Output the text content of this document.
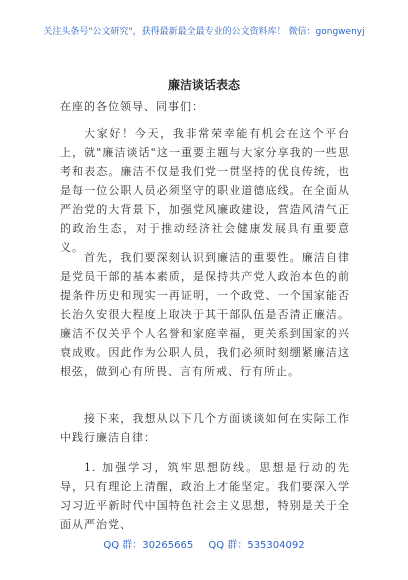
关注头条号"公文研究"，获得最新最全最专业的公文资料库！ 微信：gongwenyj
廉洁谈话表态
在座的各位领导、同事们：
大家好！今天，我非常荣幸能有机会在这个平台上，就"廉洁谈话"这一重要主题与大家分享我的一些思考和表态。廉洁不仅是我们党一贯坚持的优良传统，也是每一位公职人员必须坚守的职业道德底线。在全面从严治党的大背景下，加强党风廉政建设，营造风清气正的政治生态，对于推动经济社会健康发展具有重要意义。
首先，我们要深刻认识到廉洁的重要性。廉洁自律是党员干部的基本素质，是保持共产党人政治本色的前提条件历史和现实一再证明，一个政党、一个国家能否长治久安很大程度上取决于其干部队伍是否清正廉洁。廉洁不仅关乎个人名誉和家庭幸福，更关系到国家的兴衰成败。因此作为公职人员，我们必须时刻绷紧廉洁这根弦，做到心有所畏、言有所戒、行有所止。
接下来，我想从以下几个方面谈谈如何在实际工作中践行廉洁自律：
1. 加强学习，筑牢思想防线。思想是行动的先导，只有理论上清醒，政治上才能坚定。我们要深入学习习近平新时代中国特色社会主义思想，特别是关于全面从严治党、
QQ 群：30265665 QQ 群：535304092
